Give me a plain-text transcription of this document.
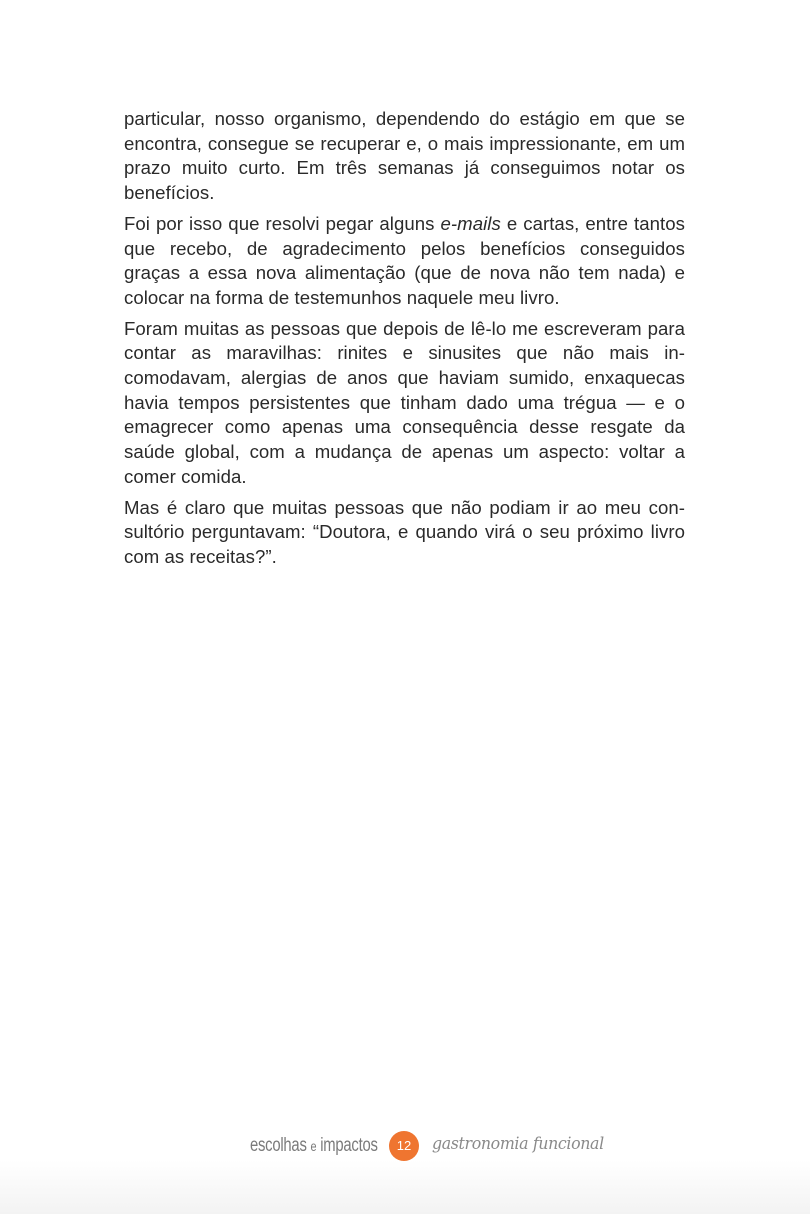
particular, nosso organismo, dependendo do estágio em que se encontra, consegue se recuperar e, o mais impressionante, em um prazo muito curto. Em três semanas já conseguimos notar os benefícios.

Foi por isso que resolvi pegar alguns e-mails e cartas, entre tantos que recebo, de agradecimento pelos benefícios conseguidos graças a essa nova alimentação (que de nova não tem nada) e colocar na forma de testemunhos naquele meu livro.

Foram muitas as pessoas que depois de lê-lo me escreveram para contar as maravilhas: rinites e sinusites que não mais incomodavam, alergias de anos que haviam sumido, enxaquecas havia tempos persistentes que tinham dado uma trégua — e o emagrecer como apenas uma consequência desse resgate da saúde global, com a mudança de apenas um aspecto: voltar a comer comida.

Mas é claro que muitas pessoas que não podiam ir ao meu consultório perguntavam: “Doutora, e quando virá o seu próximo livro com as receitas?”.

escolhas e impactos	12	gastronomia funcional
